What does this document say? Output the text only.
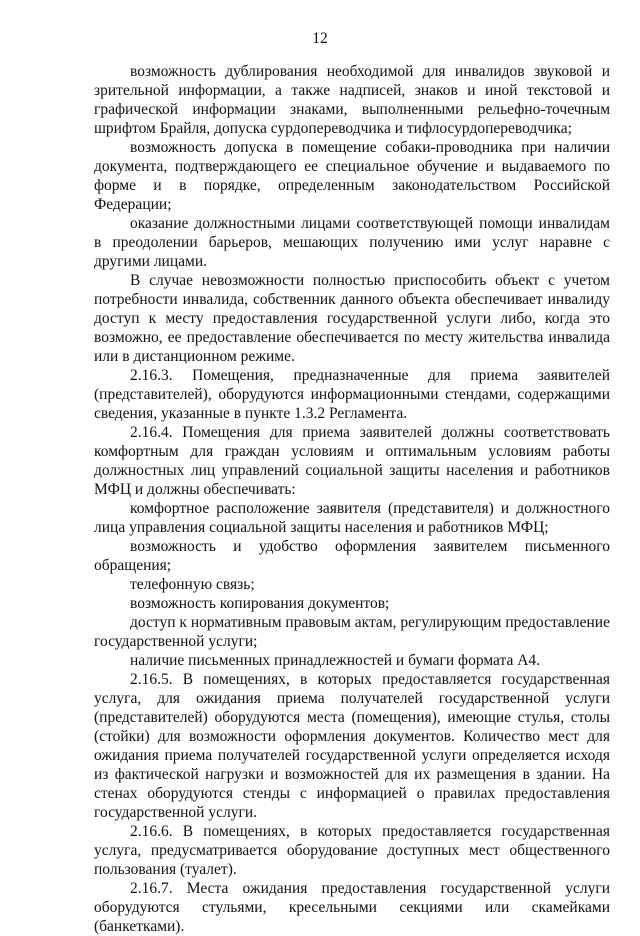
12

возможность дублирования необходимой для инвалидов звуковой и зрительной информации, а также надписей, знаков и иной текстовой и графической информации знаками, выполненными рельефно-точечным шрифтом Брайля, допуска сурдопереводчика и тифлосурдопереводчика;

возможность допуска в помещение собаки-проводника при наличии документа, подтверждающего ее специальное обучение и выдаваемого по форме и в порядке, определенным законодательством Российской Федерации;

оказание должностными лицами соответствующей помощи инвалидам в преодолении барьеров, мешающих получению ими услуг наравне с другими лицами.

В случае невозможности полностью приспособить объект с учетом потребности инвалида, собственник данного объекта обеспечивает инвалиду доступ к месту предоставления государственной услуги либо, когда это возможно, ее предоставление обеспечивается по месту жительства инвалида или в дистанционном режиме.

2.16.3. Помещения, предназначенные для приема заявителей (представителей), оборудуются информационными стендами, содержащими сведения, указанные в пункте 1.3.2 Регламента.

2.16.4. Помещения для приема заявителей должны соответствовать комфортным для граждан условиям и оптимальным условиям работы должностных лиц управлений социальной защиты населения и работников МФЦ и должны обеспечивать:

комфортное расположение заявителя (представителя) и должностного лица управления социальной защиты населения и работников МФЦ;

возможность и удобство оформления заявителем письменного обращения;

телефонную связь;

возможность копирования документов;

доступ к нормативным правовым актам, регулирующим предоставление государственной услуги;

наличие письменных принадлежностей и бумаги формата А4.

2.16.5. В помещениях, в которых предоставляется государственная услуга, для ожидания приема получателей государственной услуги (представителей) оборудуются места (помещения), имеющие стулья, столы (стойки) для возможности оформления документов. Количество мест для ожидания приема получателей государственной услуги определяется исходя из фактической нагрузки и возможностей для их размещения в здании. На стенах оборудуются стенды с информацией о правилах предоставления государственной услуги.

2.16.6. В помещениях, в которых предоставляется государственная услуга, предусматривается оборудование доступных мест общественного пользования (туалет).

2.16.7. Места ожидания предоставления государственной услуги оборудуются стульями, кресельными секциями или скамейками (банкетками).
